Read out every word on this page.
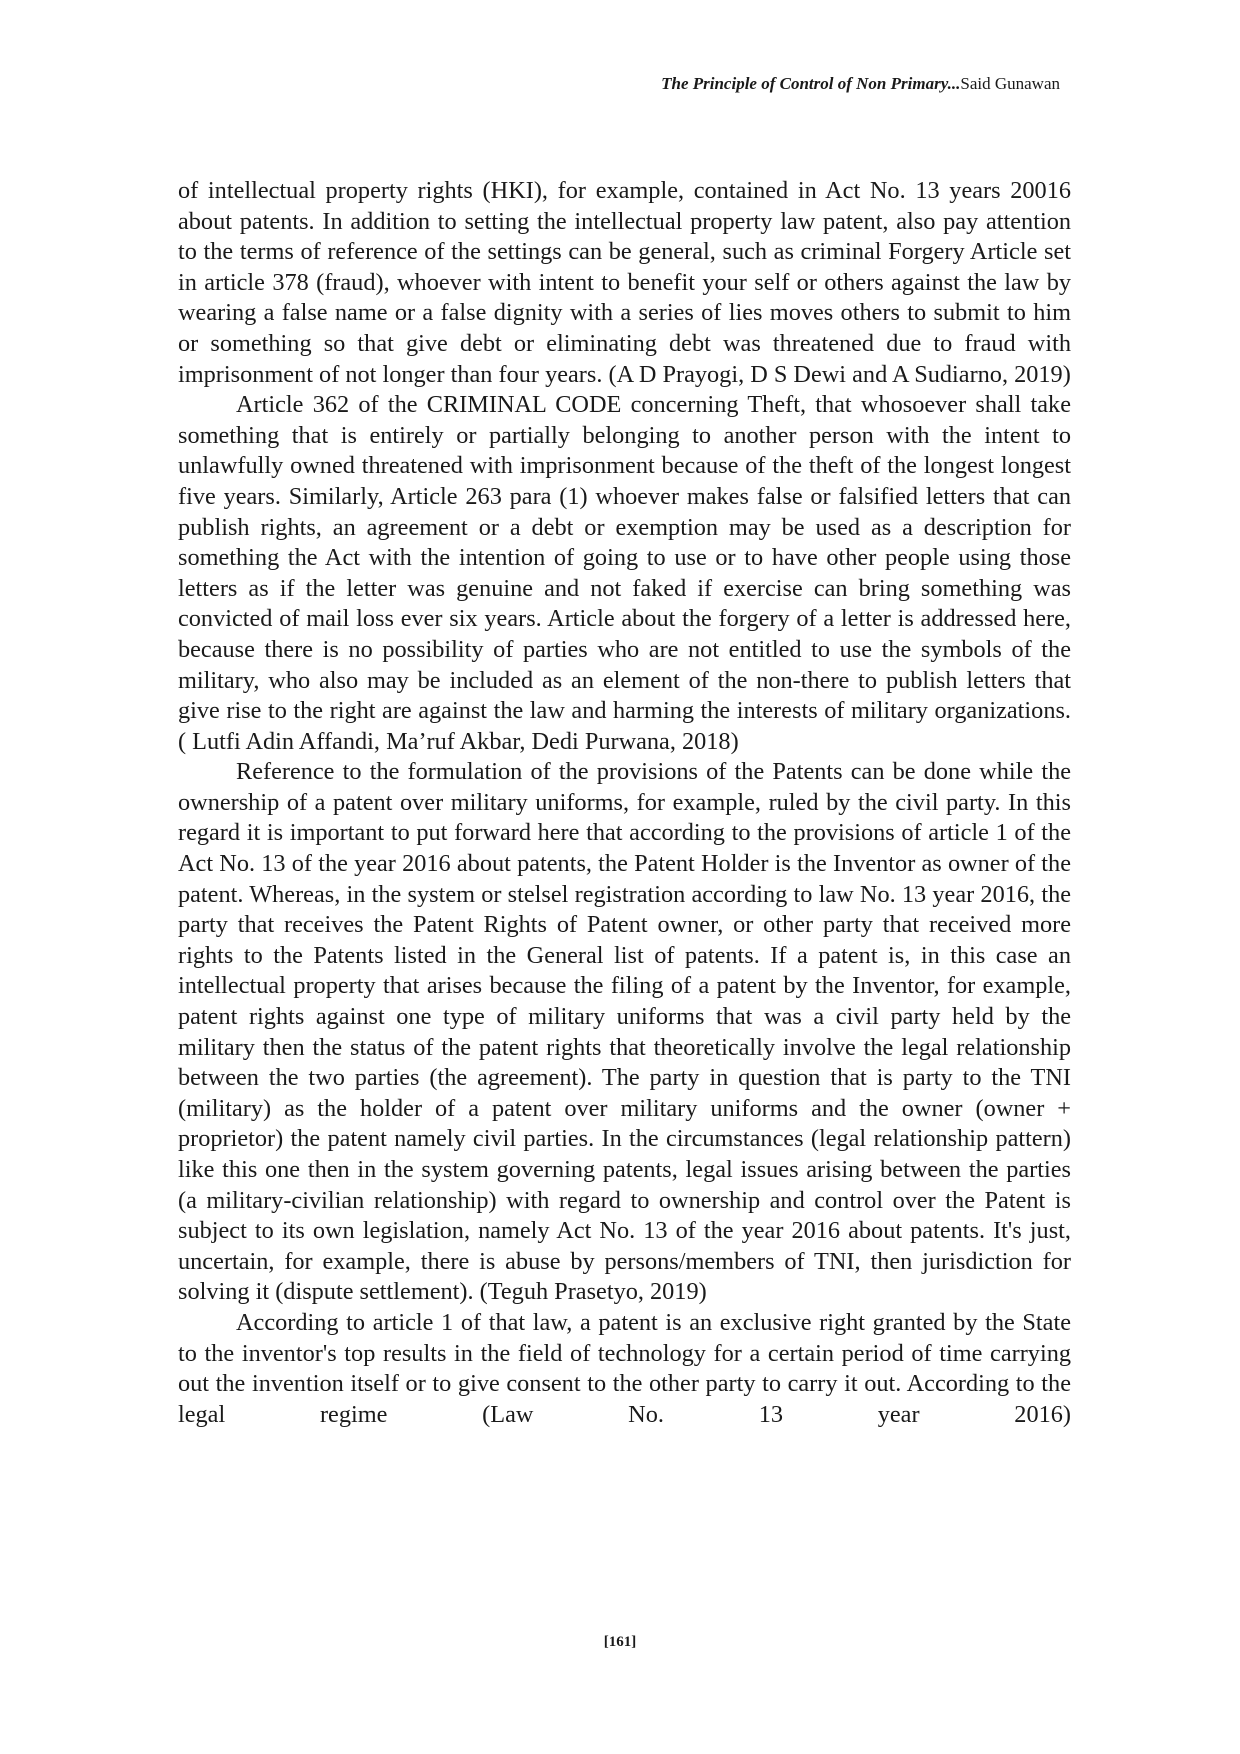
The Principle of Control of Non Primary...Said Gunawan

of intellectual property rights (HKI), for example, contained in Act No. 13 years 20016 about patents. In addition to setting the intellectual property law patent, also pay attention to the terms of reference of the settings can be general, such as criminal Forgery Article set in article 378 (fraud), whoever with intent to benefit your self or others against the law by wearing a false name or a false dignity with a series of lies moves others to submit to him or something so that give debt or eliminating debt was threatened due to fraud with imprisonment of not longer than four years. (A D Prayogi, D S Dewi and A Sudiarno, 2019)

Article 362 of the CRIMINAL CODE concerning Theft, that whosoever shall take something that is entirely or partially belonging to another person with the intent to unlawfully owned threatened with imprisonment because of the theft of the longest longest five years. Similarly, Article 263 para (1) whoever makes false or falsified letters that can publish rights, an agreement or a debt or exemption may be used as a description for something the Act with the intention of going to use or to have other people using those letters as if the letter was genuine and not faked if exercise can bring something was convicted of mail loss ever six years. Article about the forgery of a letter is addressed here, because there is no possibility of parties who are not entitled to use the symbols of the military, who also may be included as an element of the non-there to publish letters that give rise to the right are against the law and harming the interests of military organizations.( Lutfi Adin Affandi, Ma’ruf Akbar, Dedi Purwana, 2018)

Reference to the formulation of the provisions of the Patents can be done while the ownership of a patent over military uniforms, for example, ruled by the civil party. In this regard it is important to put forward here that according to the provisions of article 1 of the Act No. 13 of the year 2016 about patents, the Patent Holder is the Inventor as owner of the patent. Whereas, in the system or stelsel registration according to law No. 13 year 2016, the party that receives the Patent Rights of Patent owner, or other party that received more rights to the Patents listed in the General list of patents. If a patent is, in this case an intellectual property that arises because the filing of a patent by the Inventor, for example, patent rights against one type of military uniforms that was a civil party held by the military then the status of the patent rights that theoretically involve the legal relationship between the two parties (the agreement). The party in question that is party to the TNI (military) as the holder of a patent over military uniforms and the owner (owner + proprietor) the patent namely civil parties. In the circumstances (legal relationship pattern) like this one then in the system governing patents, legal issues arising between the parties (a military-civilian relationship) with regard to ownership and control over the Patent is subject to its own legislation, namely Act No. 13 of the year 2016 about patents. It's just, uncertain, for example, there is abuse by persons/members of TNI, then jurisdiction for solving it (dispute settlement). (Teguh Prasetyo, 2019)

According to article 1 of that law, a patent is an exclusive right granted by the State to the inventor's top results in the field of technology for a certain period of time carrying out the invention itself or to give consent to the other party to carry it out. According to the legal regime (Law No. 13 year 2016)

[161]
